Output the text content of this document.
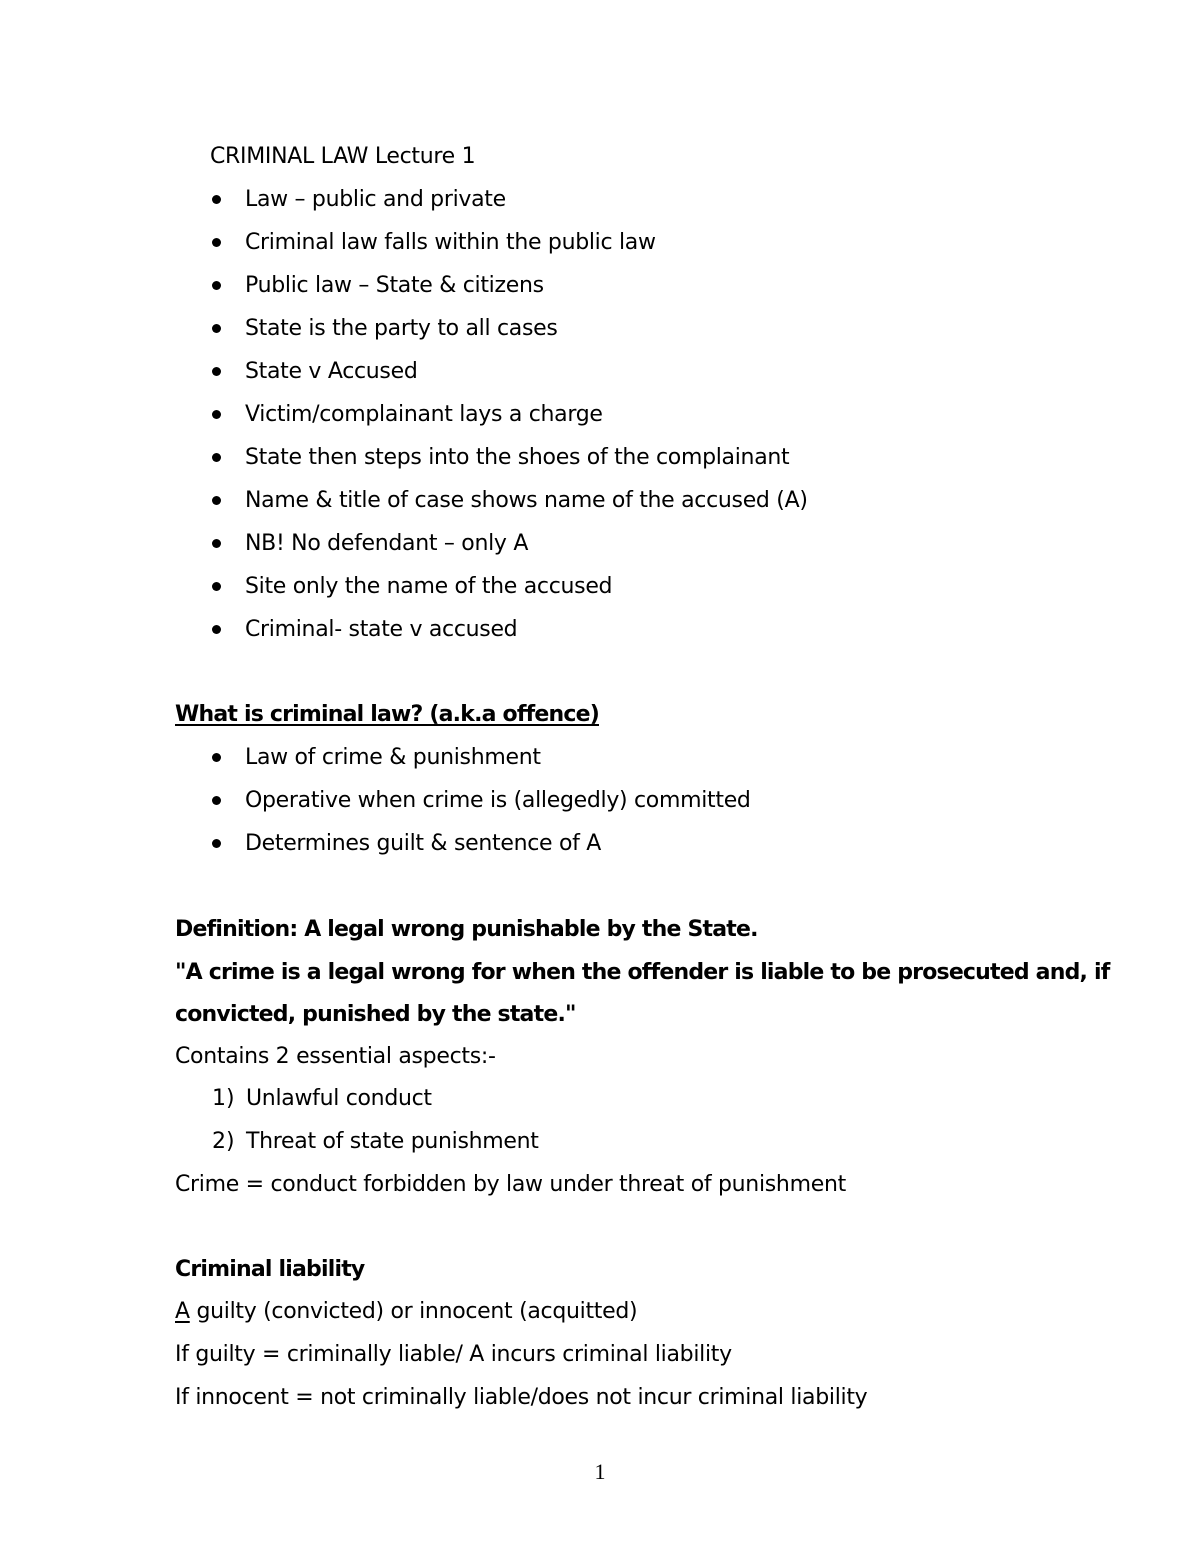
CRIMINAL LAW Lecture 1
Law – public and private
Criminal law falls within the public law
Public law – State & citizens
State is the party to all cases
State v Accused
Victim/complainant lays a charge
State then steps into the shoes of the complainant
Name & title of case shows name of the accused (A)
NB! No defendant – only A
Site only the name of the accused
Criminal- state v accused
What is criminal law? (a.k.a offence)
Law of crime & punishment
Operative when crime is (allegedly) committed
Determines guilt & sentence of A
Definition: A legal wrong punishable by the State.
"A crime is a legal wrong for when the offender is liable to be prosecuted and, if
convicted, punished by the state."
Contains 2 essential aspects:-
1) Unlawful conduct
2) Threat of state punishment
Crime = conduct forbidden by law under threat of punishment
Criminal liability
A guilty (convicted) or innocent (acquitted)
If guilty = criminally liable/ A incurs criminal liability
If innocent = not criminally liable/does not incur criminal liability
1
